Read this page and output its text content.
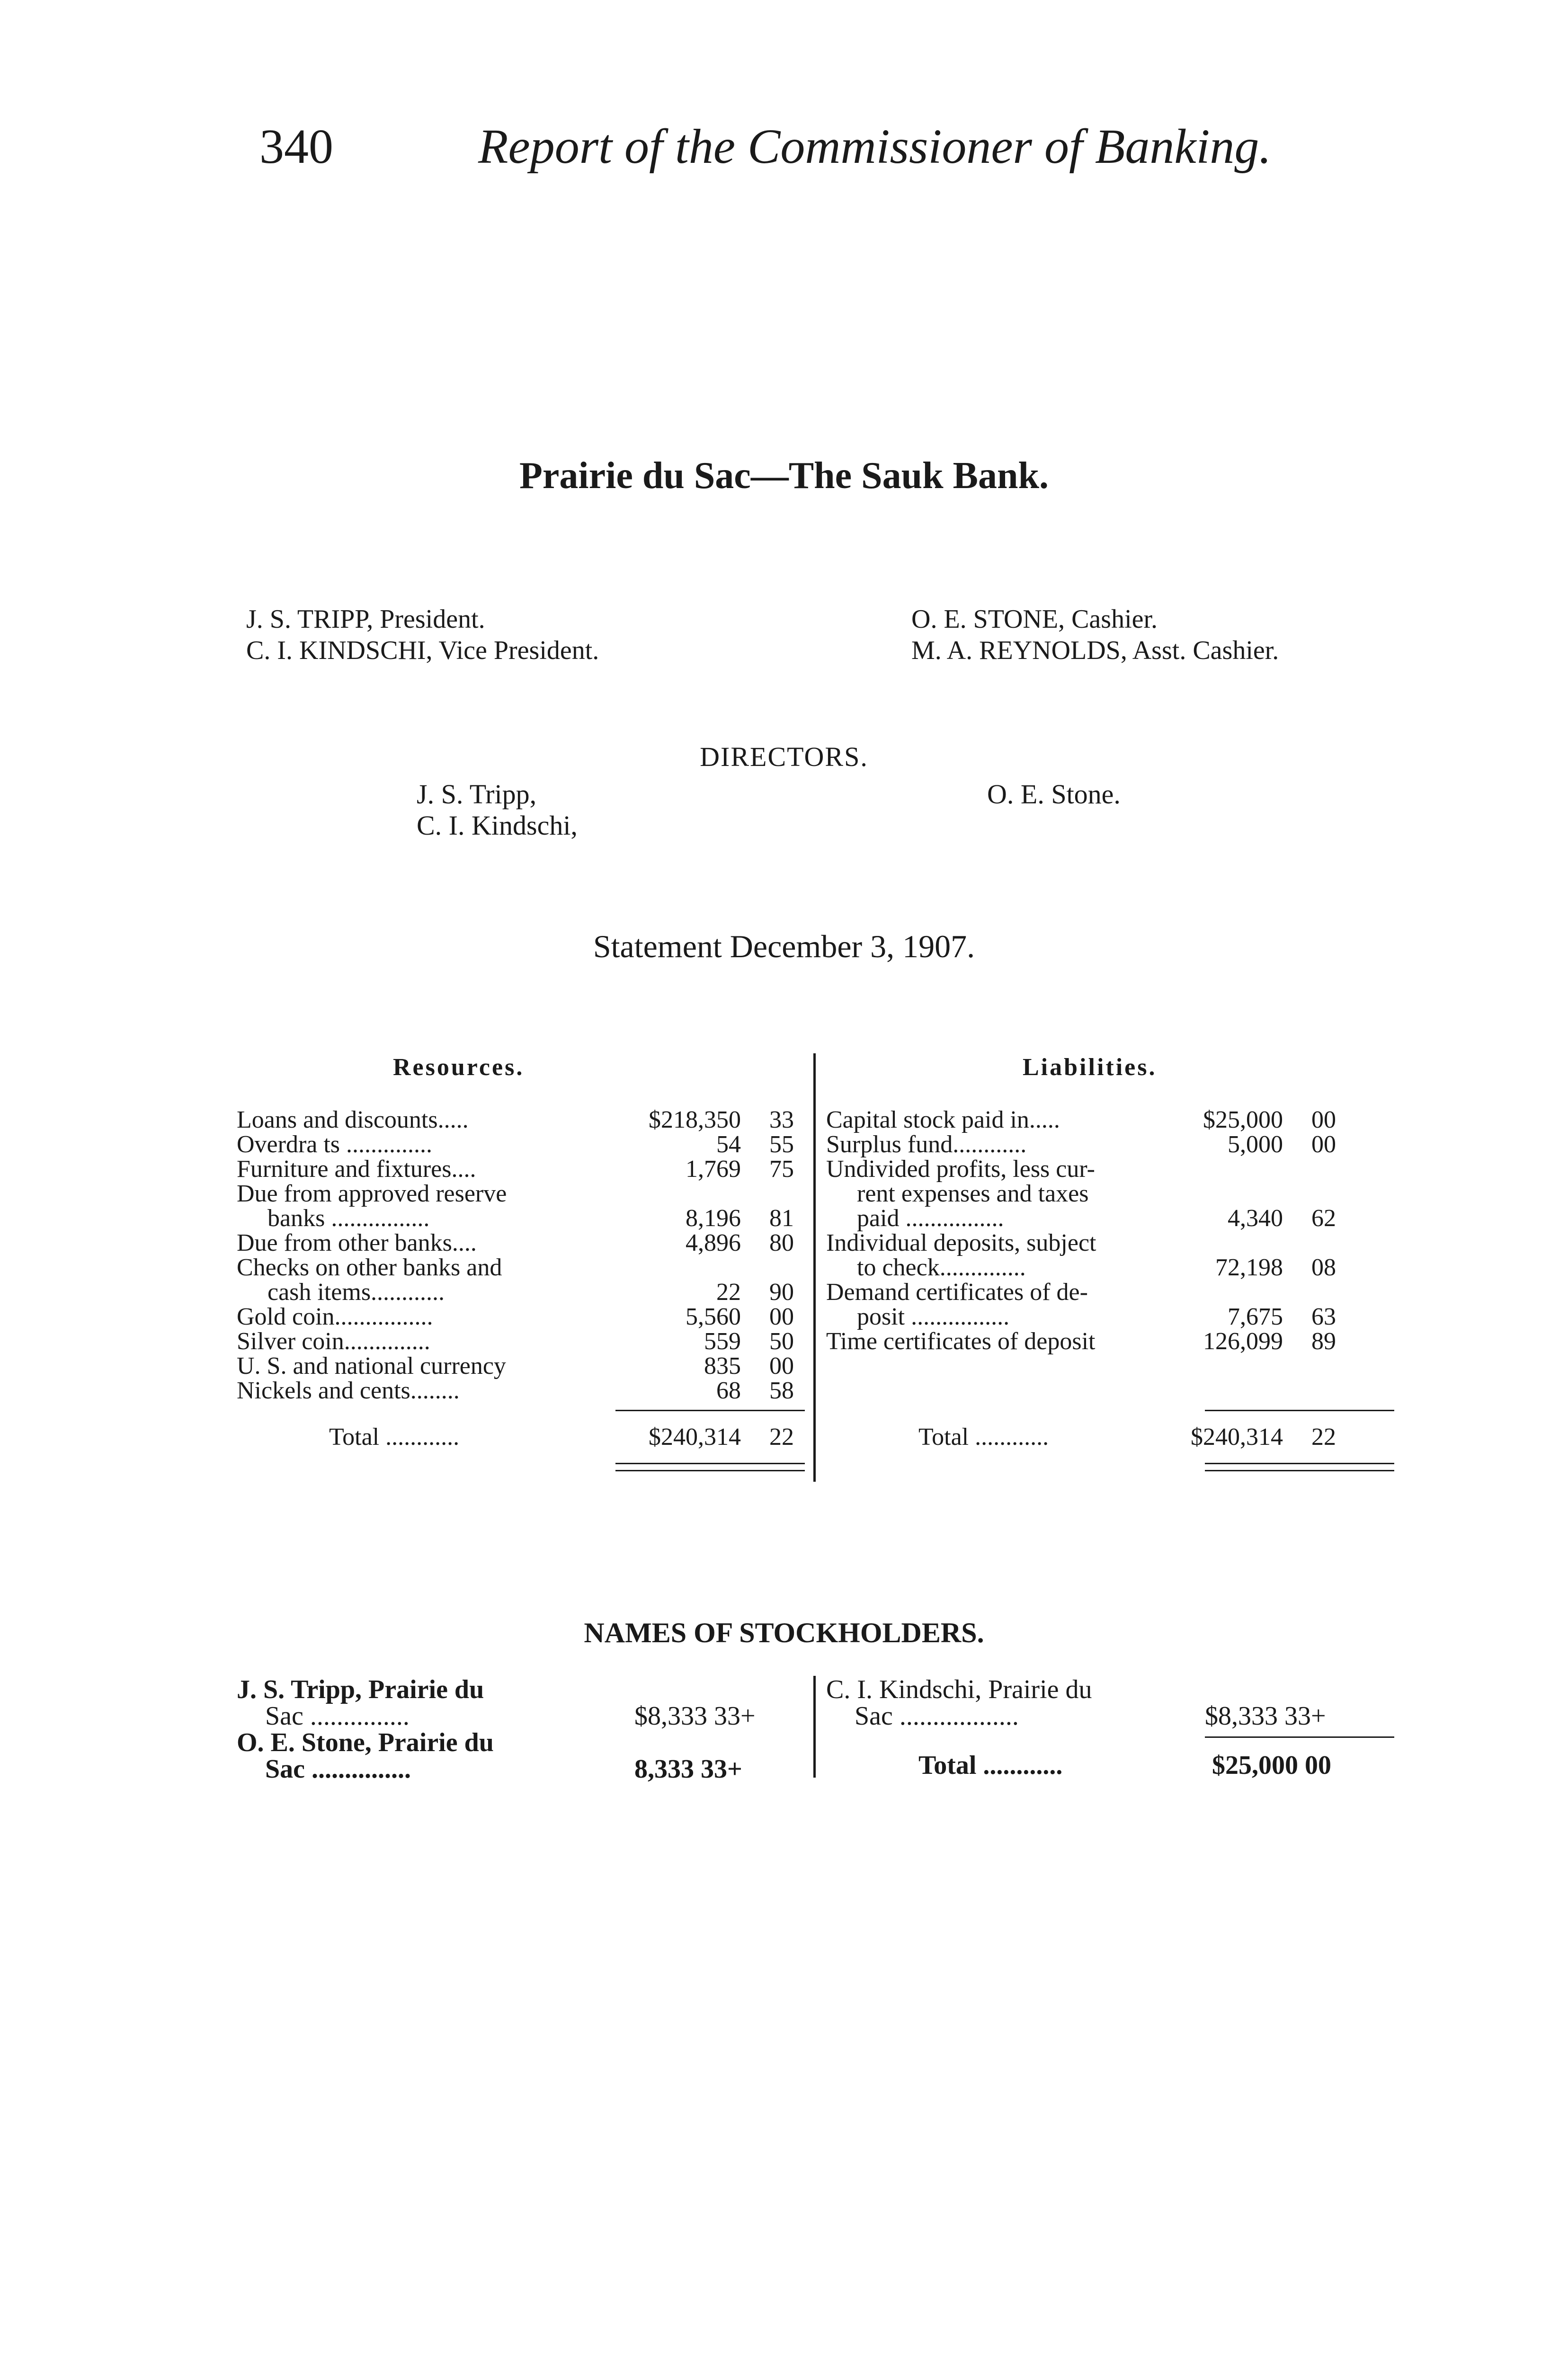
340	Report of the Commissioner of Banking.
Prairie du Sac—The Sauk Bank.
J. S. TRIPP, President.
C. I. KINDSCHI, Vice President.
O. E. STONE, Cashier.
M. A. REYNOLDS, Asst. Cashier.
DIRECTORS.
J. S. Tripp,
C. I. Kindschi,
O. E. Stone.
Statement December 3, 1907.
Resources.	Liabilities.
Loans and discounts.....	$218,350 33
Overdra ts ..............	54 55
Furniture and fixtures....	1,769 75
Due from approved reserve
banks ................	8,196 81
Due from other banks....	4,896 80
Checks on other banks and
cash items............	22 90
Gold coin................	5,560 00
Silver coin..............	559 50
U. S. and national currency	835 00
Nickels and cents........	68 58
Total ............	$240,314 22
Capital stock paid in.....	$25,000 00
Surplus fund............	5,000 00
Undivided profits, less cur-
rent expenses and taxes
paid ................	4,340 62
Individual deposits, subject
to check..............	72,198 08
Demand certificates of de-
posit ................	7,675 63
Time certificates of deposit	126,099 89
Total ............	$240,314 22
NAMES OF STOCKHOLDERS.
J. S. Tripp, Prairie du
Sac ...............	$8,333 33+
O. E. Stone, Prairie du
Sac ...............	8,333 33+
C. I. Kindschi, Prairie du
Sac ..................	$8,333 33+
Total ............	$25,000 00
